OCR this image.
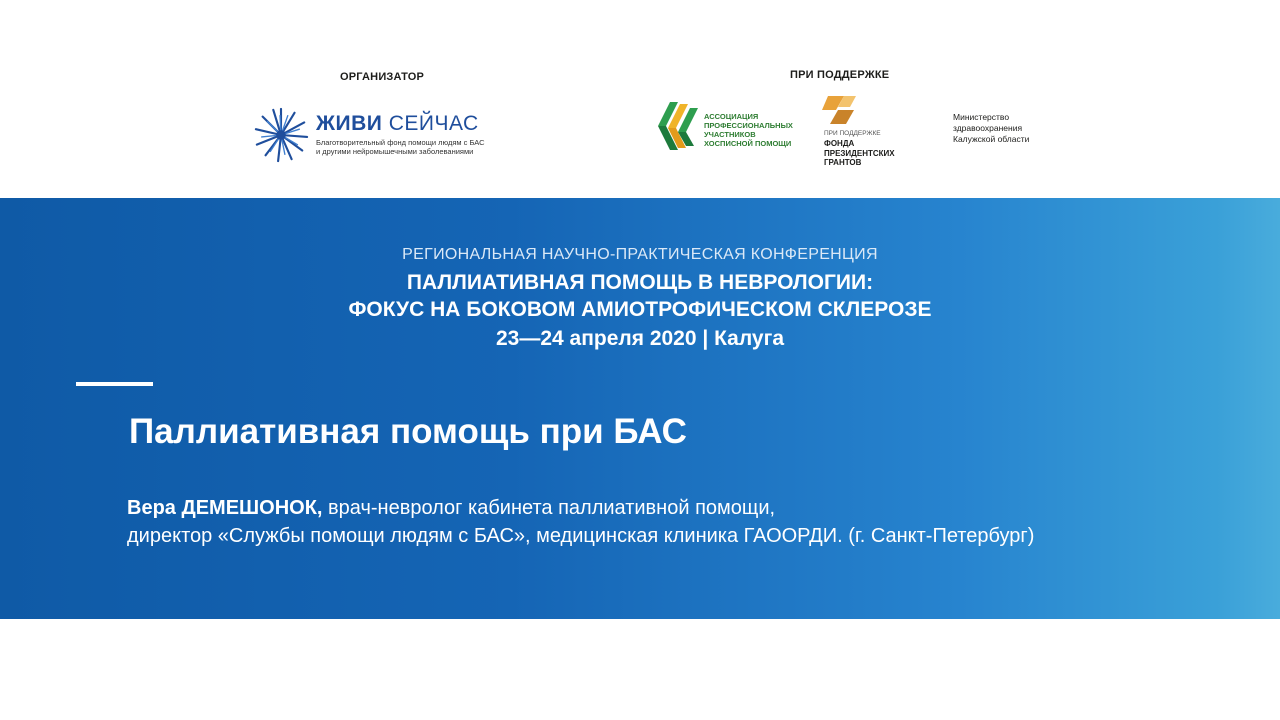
ОРГАНИЗАТОР	ПРИ ПОДДЕРЖКЕ
ЖИВИ СЕЙЧАС
Благотворительный фонд помощи людям с БАС
и другими нейромышечными заболеваниями
АССОЦИАЦИЯ
ПРОФЕССИОНАЛЬНЫХ
УЧАСТНИКОВ
ХОСПИСНОЙ ПОМОЩИ
ПРИ ПОДДЕРЖКЕ
ФОНДА
ПРЕЗИДЕНТСКИХ
ГРАНТОВ
Министерство
здравоохранения
Калужской области
РЕГИОНАЛЬНАЯ НАУЧНО-ПРАКТИЧЕСКАЯ КОНФЕРЕНЦИЯ
ПАЛЛИАТИВНАЯ ПОМОЩЬ В НЕВРОЛОГИИ:
ФОКУС НА БОКОВОМ АМИОТРОФИЧЕСКОМ СКЛЕРОЗЕ
23—24 апреля 2020 | Калуга
Паллиативная помощь при БАС
Вера ДЕМЕШОНОК, врач-невролог кабинета паллиативной помощи,
директор «Службы помощи людям с БАС», медицинская клиника ГАООРДИ. (г. Санкт-Петербург)
